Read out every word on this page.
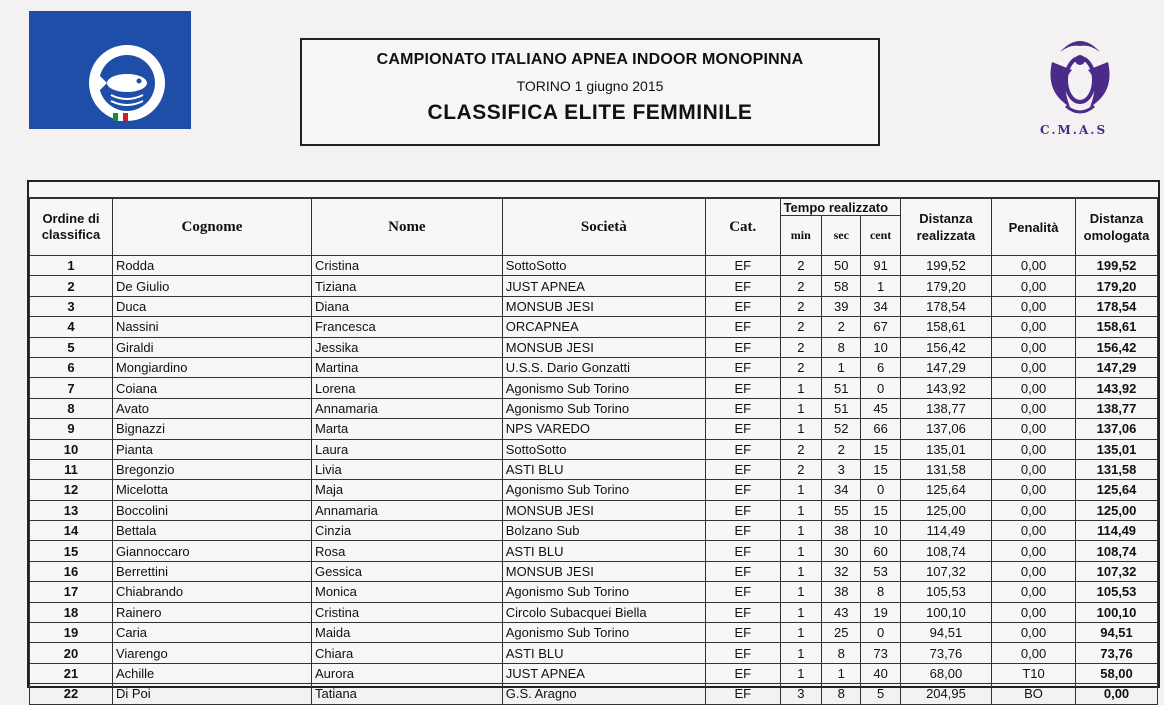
CAMPIONATO ITALIANO APNEA INDOOR MONOPINNA
TORINO 1 giugno 2015
CLASSIFICA ELITE FEMMINILE
C.M.A.S
Ordine di classifica	Cognome	Nome	Società	Cat.	Tempo realizzato			Distanza realizzata	Penalità	Distanza omologata
					min	sec	cent			
1	Rodda	Cristina	SottoSotto	EF	2	50	91	199,52	0,00	199,52
2	De Giulio	Tiziana	JUST APNEA	EF	2	58	1	179,20	0,00	179,20
3	Duca	Diana	MONSUB JESI	EF	2	39	34	178,54	0,00	178,54
4	Nassini	Francesca	ORCAPNEA	EF	2	2	67	158,61	0,00	158,61
5	Giraldi	Jessika	MONSUB JESI	EF	2	8	10	156,42	0,00	156,42
6	Mongiardino	Martina	U.S.S. Dario Gonzatti	EF	2	1	6	147,29	0,00	147,29
7	Coiana	Lorena	Agonismo Sub Torino	EF	1	51	0	143,92	0,00	143,92
8	Avato	Annamaria	Agonismo Sub Torino	EF	1	51	45	138,77	0,00	138,77
9	Bignazzi	Marta	NPS VAREDO	EF	1	52	66	137,06	0,00	137,06
10	Pianta	Laura	SottoSotto	EF	2	2	15	135,01	0,00	135,01
11	Bregonzio	Livia	ASTI BLU	EF	2	3	15	131,58	0,00	131,58
12	Micelotta	Maja	Agonismo Sub Torino	EF	1	34	0	125,64	0,00	125,64
13	Boccolini	Annamaria	MONSUB JESI	EF	1	55	15	125,00	0,00	125,00
14	Bettala	Cinzia	Bolzano Sub	EF	1	38	10	114,49	0,00	114,49
15	Giannoccaro	Rosa	ASTI BLU	EF	1	30	60	108,74	0,00	108,74
16	Berrettini	Gessica	MONSUB JESI	EF	1	32	53	107,32	0,00	107,32
17	Chiabrando	Monica	Agonismo Sub Torino	EF	1	38	8	105,53	0,00	105,53
18	Rainero	Cristina	Circolo Subacquei Biella	EF	1	43	19	100,10	0,00	100,10
19	Caria	Maida	Agonismo Sub Torino	EF	1	25	0	94,51	0,00	94,51
20	Viarengo	Chiara	ASTI BLU	EF	1	8	73	73,76	0,00	73,76
21	Achille	Aurora	JUST APNEA	EF	1	1	40	68,00	T10	58,00
22	Di Poi	Tatiana	G.S. Aragno	EF	3	8	5	204,95	BO	0,00
